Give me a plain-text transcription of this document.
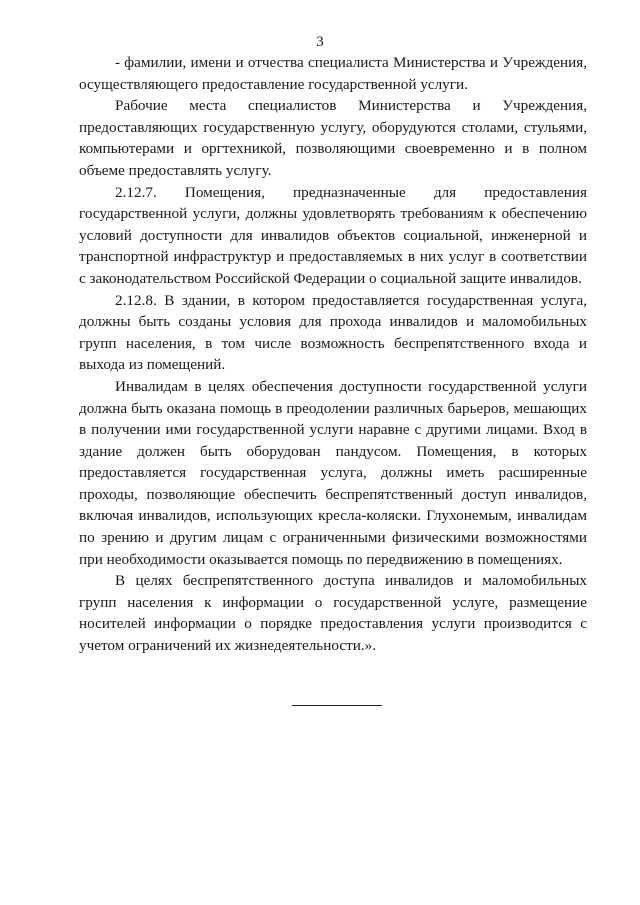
3

- фамилии, имени и отчества специалиста Министерства и Учреждения, осуществляющего предоставление государственной услуги.

Рабочие места специалистов Министерства и Учреждения, предоставляющих государственную услугу, оборудуются столами, стульями, компьютерами и оргтехникой, позволяющими своевременно и в полном объеме предоставлять услугу.

2.12.7. Помещения, предназначенные для предоставления государственной услуги, должны удовлетворять требованиям к обеспечению условий доступности для инвалидов объектов социальной, инженерной и транспортной инфраструктур и предоставляемых в них услуг в соответствии с законодательством Российской Федерации о социальной защите инвалидов.

2.12.8. В здании, в котором предоставляется государственная услуга, должны быть созданы условия для прохода инвалидов и маломобильных групп населения, в том числе возможность беспрепятственного входа и выхода из помещений.

Инвалидам в целях обеспечения доступности государственной услуги должна быть оказана помощь в преодолении различных барьеров, мешающих в получении ими государственной услуги наравне с другими лицами. Вход в здание должен быть оборудован пандусом. Помещения, в которых предоставляется государственная услуга, должны иметь расширенные проходы, позволяющие обеспечить беспрепятственный доступ инвалидов, включая инвалидов, использующих кресла-коляски. Глухонемым, инвалидам по зрению и другим лицам с ограниченными физическими возможностями при необходимости оказывается помощь по передвижению в помещениях.

В целях беспрепятственного доступа инвалидов и маломобильных групп населения к информации о государственной услуге, размещение носителей информации о порядке предоставления услуги производится с учетом ограничений их жизнедеятельности.».
